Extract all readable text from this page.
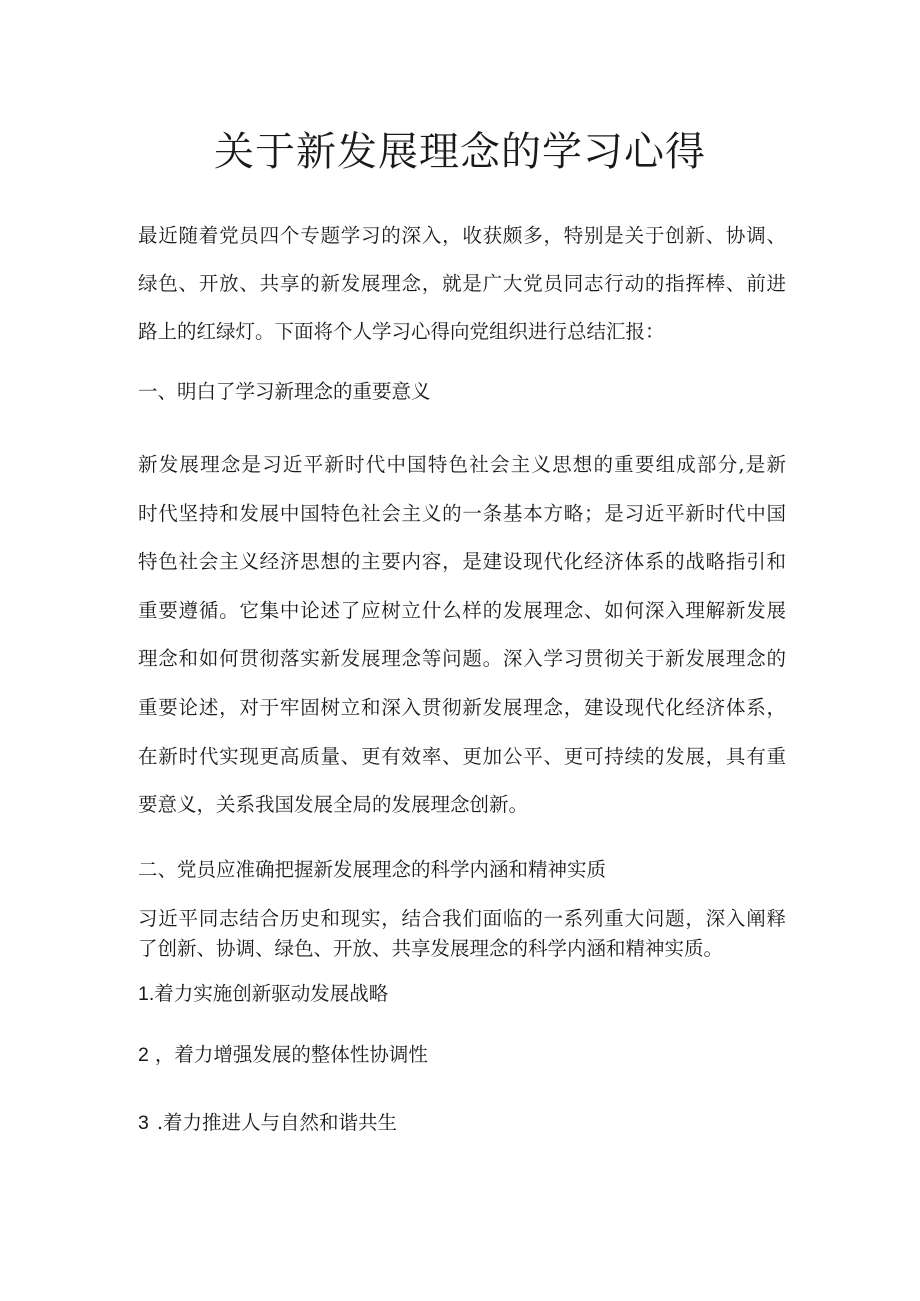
关于新发展理念的学习心得
最近随着党员四个专题学习的深入，收获颇多，特别是关于创新、协调、
绿色、开放、共享的新发展理念，就是广大党员同志行动的指挥棒、前进
路上的红绿灯。下面将个人学习心得向党组织进行总结汇报：
一、明白了学习新理念的重要意义
新发展理念是习近平新时代中国特色社会主义思想的重要组成部分,是新
时代坚持和发展中国特色社会主义的一条基本方略；是习近平新时代中国
特色社会主义经济思想的主要内容，是建设现代化经济体系的战略指引和
重要遵循。它集中论述了应树立什么样的发展理念、如何深入理解新发展
理念和如何贯彻落实新发展理念等问题。深入学习贯彻关于新发展理念的
重要论述，对于牢固树立和深入贯彻新发展理念，建设现代化经济体系，
在新时代实现更高质量、更有效率、更加公平、更可持续的发展，具有重
要意义，关系我国发展全局的发展理念创新。
二、党员应准确把握新发展理念的科学内涵和精神实质
习近平同志结合历史和现实，结合我们面临的一系列重大问题，深入阐释
了创新、协调、绿色、开放、共享发展理念的科学内涵和精神实质。
1.着力实施创新驱动发展战略
2 ，着力增强发展的整体性协调性
3 .着力推进人与自然和谐共生
